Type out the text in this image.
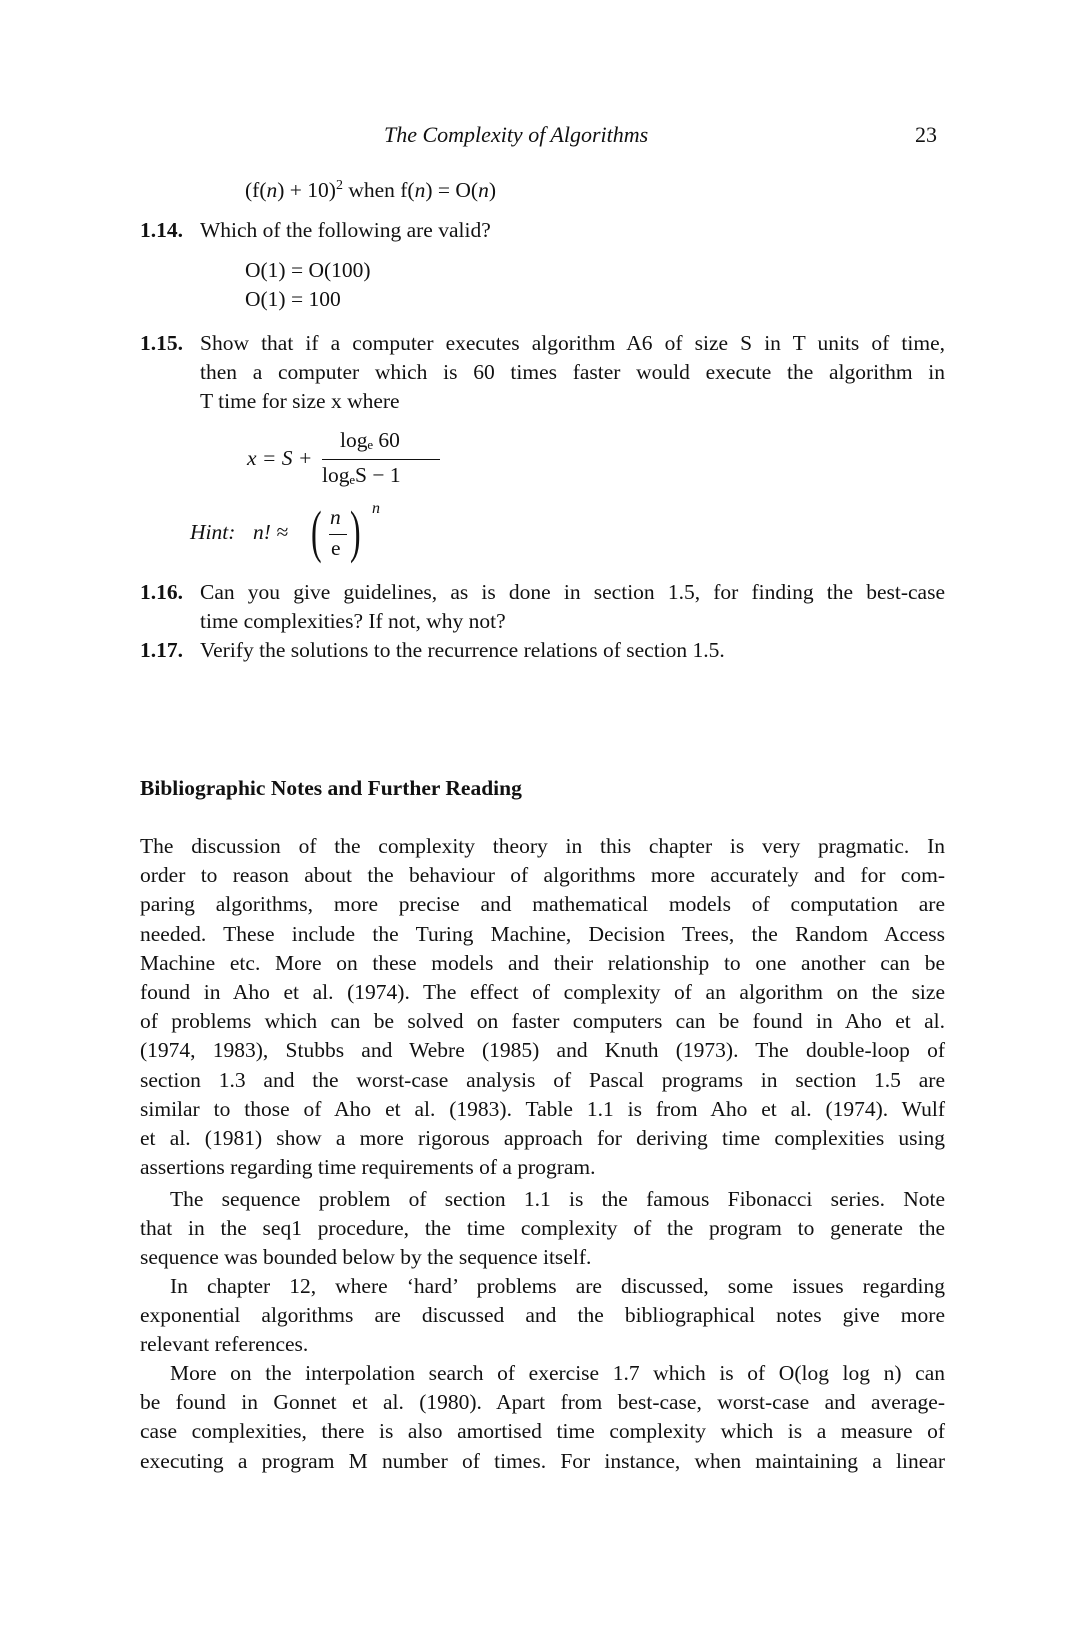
The Complexity of Algorithms	23
$(f(n) + 10)^2$ when f(n) = O(n)
1.14. Which of the following are valid?
O(1) = O(100)
O(1) = 100
1.15. Show that if a computer executes algorithm A6 of size S in T units of time,
then a computer which is 60 times faster would execute the algorithm in
T time for size x where
x = S +
logₑ 60
logₑS − 1
Hint: n! ≈ ( n
e ) n
1.16. Can you give guidelines, as is done in section 1.5, for finding the best-case
time complexities? If not, why not?
1.17. Verify the solutions to the recurrence relations of section 1.5.
Bibliographic Notes and Further Reading
The discussion of the complexity theory in this chapter is very pragmatic. In
order to reason about the behaviour of algorithms more accurately and for com-
paring algorithms, more precise and mathematical models of computation are
needed. These include the Turing Machine, Decision Trees, the Random Access
Machine etc. More on these models and their relationship to one another can be
found in Aho et al. (1974). The effect of complexity of an algorithm on the size
of problems which can be solved on faster computers can be found in Aho et al.
(1974, 1983), Stubbs and Webre (1985) and Knuth (1973). The double-loop of
section 1.3 and the worst-case analysis of Pascal programs in section 1.5 are
similar to those of Aho et al. (1983). Table 1.1 is from Aho et al. (1974). Wulf
et al. (1981) show a more rigorous approach for deriving time complexities using
assertions regarding time requirements of a program.
The sequence problem of section 1.1 is the famous Fibonacci series. Note
that in the seq1 procedure, the time complexity of the program to generate the
sequence was bounded below by the sequence itself.
In chapter 12, where ‘hard’ problems are discussed, some issues regarding
exponential algorithms are discussed and the bibliographical notes give more
relevant references.
More on the interpolation search of exercise 1.7 which is of O(log log n) can
be found in Gonnet et al. (1980). Apart from best-case, worst-case and average-
case complexities, there is also amortised time complexity which is a measure of
executing a program M number of times. For instance, when maintaining a linear
